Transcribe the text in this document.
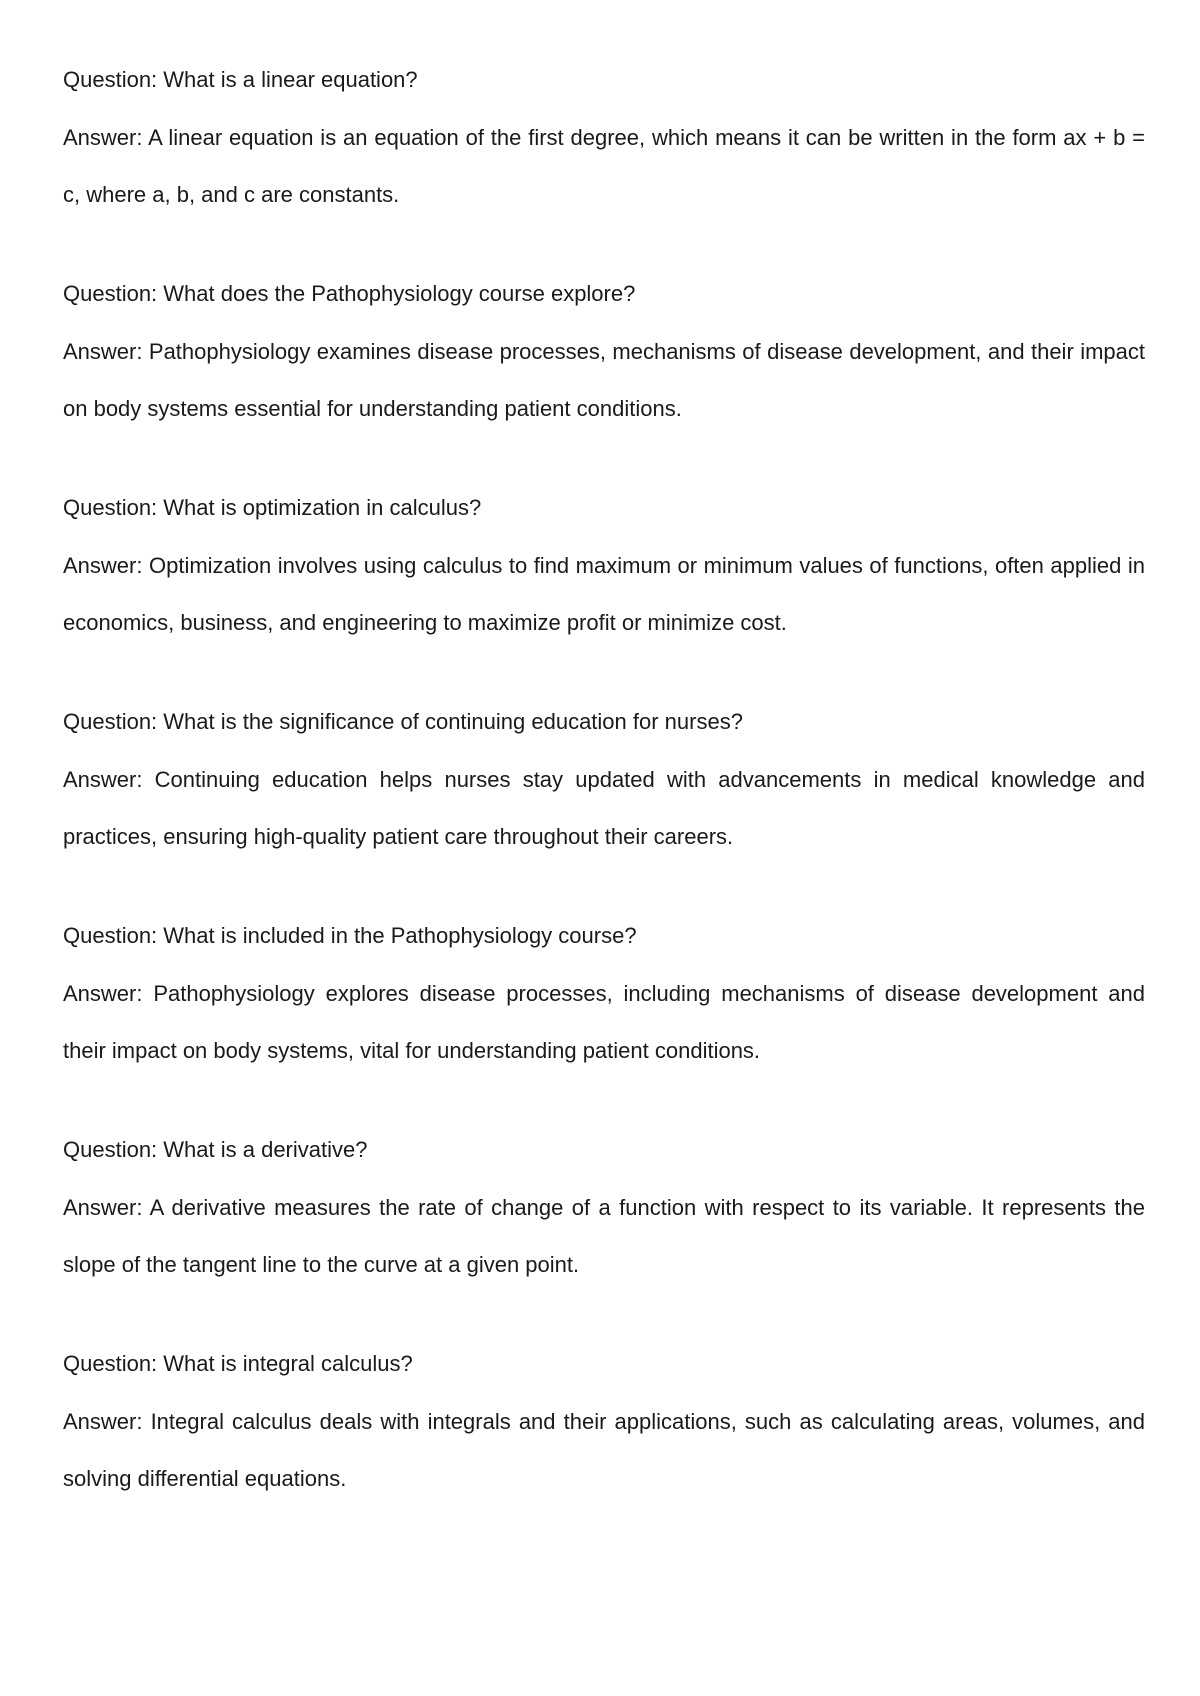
Question: What is a linear equation?
Answer: A linear equation is an equation of the first degree, which means it can be written in the form ax + b = c, where a, b, and c are constants.
Question: What does the Pathophysiology course explore?
Answer: Pathophysiology examines disease processes, mechanisms of disease development, and their impact on body systems essential for understanding patient conditions.
Question: What is optimization in calculus?
Answer: Optimization involves using calculus to find maximum or minimum values of functions, often applied in economics, business, and engineering to maximize profit or minimize cost.
Question: What is the significance of continuing education for nurses?
Answer: Continuing education helps nurses stay updated with advancements in medical knowledge and practices, ensuring high-quality patient care throughout their careers.
Question: What is included in the Pathophysiology course?
Answer: Pathophysiology explores disease processes, including mechanisms of disease development and their impact on body systems, vital for understanding patient conditions.
Question: What is a derivative?
Answer: A derivative measures the rate of change of a function with respect to its variable. It represents the slope of the tangent line to the curve at a given point.
Question: What is integral calculus?
Answer: Integral calculus deals with integrals and their applications, such as calculating areas, volumes, and solving differential equations.
